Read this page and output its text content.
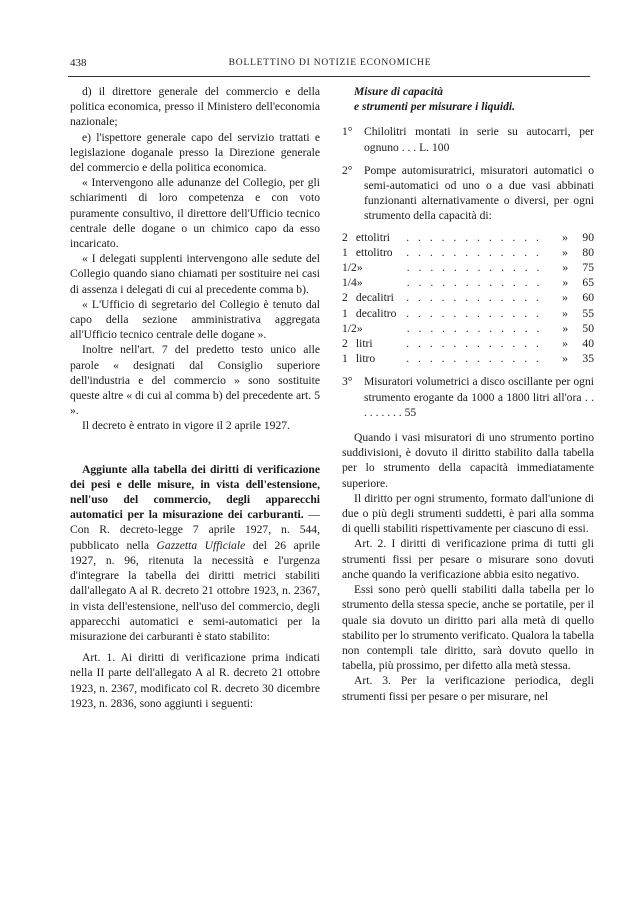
438	BOLLETTINO DI NOTIZIE ECONOMICHE

d) il direttore generale del commercio e della politica economica, presso il Ministero dell'economia nazionale;

e) l'ispettore generale capo del servizio trattati e legislazione doganale presso la Direzione generale del commercio e della politica economica.

« Intervengono alle adunanze del Collegio, per gli schiarimenti di loro competenza e con voto puramente consultivo, il direttore dell'Ufficio tecnico centrale delle dogane o un chimico capo da esso incaricato.

« I delegati supplenti intervengono alle sedute del Collegio quando siano chiamati per sostituire nei casi di assenza i delegati di cui al precedente comma b).

« L'Ufficio di segretario del Collegio è tenuto dal capo della sezione amministrativa aggregata all'Ufficio tecnico centrale delle dogane ».

Inoltre nell'art. 7 del predetto testo unico alle parole « designati dal Consiglio superiore dell'industria e del commercio » sono sostituite queste altre « di cui al comma b) del precedente art. 5 ».

Il decreto è entrato in vigore il 2 aprile 1927.

Aggiunte alla tabella dei diritti di verificazione dei pesi e delle misure, in vista dell'estensione, nell'uso del commercio, degli apparecchi automatici per la misurazione dei carburanti. — Con R. decreto-legge 7 aprile 1927, n. 544, pubblicato nella Gazzetta Ufficiale del 26 aprile 1927, n. 96, ritenuta la necessità e l'urgenza d'integrare la tabella dei diritti metrici stabiliti dall'allegato A al R. decreto 21 ottobre 1923, n. 2367, in vista dell'estensione, nell'uso del commercio, degli apparecchi automatici e semi-automatici per la misurazione dei carburanti è stato stabilito:

Art. 1. Ai diritti di verificazione prima indicati nella II parte dell'allegato A al R. decreto 21 ottobre 1923, n. 2367, modificato col R. decreto 30 dicembre 1923, n. 2836, sono aggiunti i seguenti:

Misure di capacità

e strumenti per misurare i liquidi.

1° Chilolitri montati in serie su autocarri, per ognuno . . . L. 100
2° Pompe automisuratrici, misuratori automatici o semi-automatici od uno o a due vasi abbinati funzionanti alternativamente o diversi, per ogni strumento della capacità di:
2 ettolitri	. . . . . . . . . . . .	»	90
1 ettolitro	. . . . . . . . . . . .	»	80
1/2 »	. . . . . . . . . . . .	»	75
1/4 »	. . . . . . . . . . . .	»	65
2 decalitri	. . . . . . . . . . . .	»	60
1 decalitro . . . . . . . . . . . .	»	55
1/2 »	. . . . . . . . . . . .	»	50
2 litri	. . . . . . . . . . . .	»	40
1 litro	. . . . . . . . . . . .	»	35
3° Misuratori volumetrici a disco oscillante per ogni strumento erogante da 1000 a 1800 litri all'ora . . . . . . . . . 55

Quando i vasi misuratori di uno strumento portino suddivisioni, è dovuto il diritto stabilito dalla tabella per lo strumento della capacità immediatamente superiore.

Il diritto per ogni strumento, formato dall'unione di due o più degli strumenti suddetti, è pari alla somma di quelli stabiliti rispettivamente per ciascuno di essi.

Art. 2. I diritti di verificazione prima di tutti gli strumenti fissi per pesare o misurare sono dovuti anche quando la verificazione abbia esito negativo.

Essi sono però quelli stabiliti dalla tabella per lo strumento della stessa specie, anche se portatile, per il quale sia dovuto un diritto pari alla metà di quello stabilito per lo strumento verificato. Qualora la tabella non contempli tale diritto, sarà dovuto quello in tabella, più prossimo, per difetto alla metà stessa.

Art. 3. Per la verificazione periodica, degli strumenti fissi per pesare o per misurare, nel
